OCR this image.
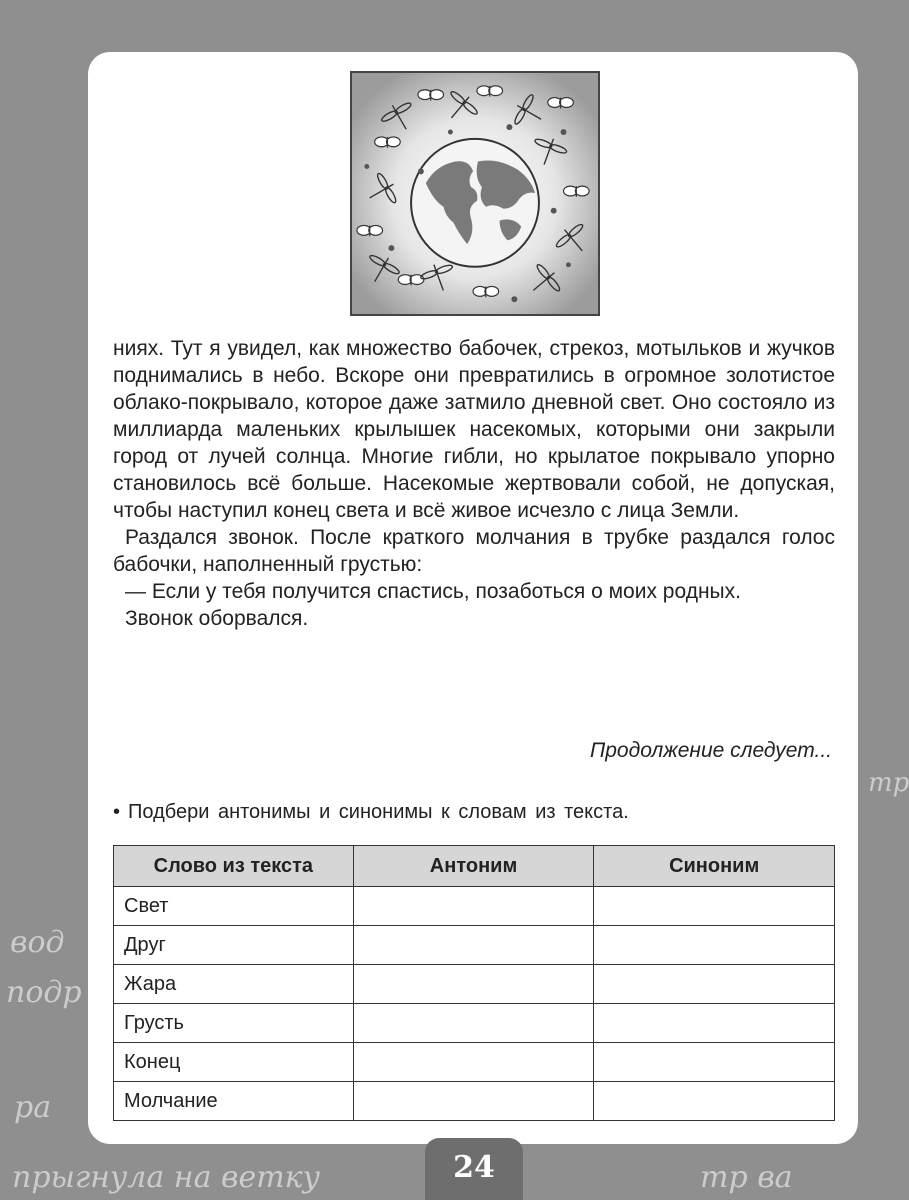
вод
подр
ра
прыгнула на ветку	тр ва
тр

ниях. Тут я увидел, как множество бабочек, стрекоз, мотыльков и жучков поднимались в небо. Вскоре они превратились в огромное золотистое облако-покрывало, которое даже затмило дневной свет. Оно состояло из миллиарда маленьких крылышек насекомых, которыми они закрыли город от лучей солнца. Многие гибли, но крылатое покрывало упорно становилось всё больше. Насекомые жертвовали собой, не допуская, чтобы наступил конец света и всё живое исчезло с лица Земли.

Раздался звонок. После краткого молчания в трубке раздался голос бабочки, наполненный грустью:

— Если у тебя получится спастись, позаботься о моих родных.

Звонок оборвался.

Продолжение следует...
• Подбери антонимы и синонимы к словам из текста.
Слово из текста	Антоним	Синоним
Свет		
Друг		
Жара		
Грусть		
Конец		
Молчание		
24
